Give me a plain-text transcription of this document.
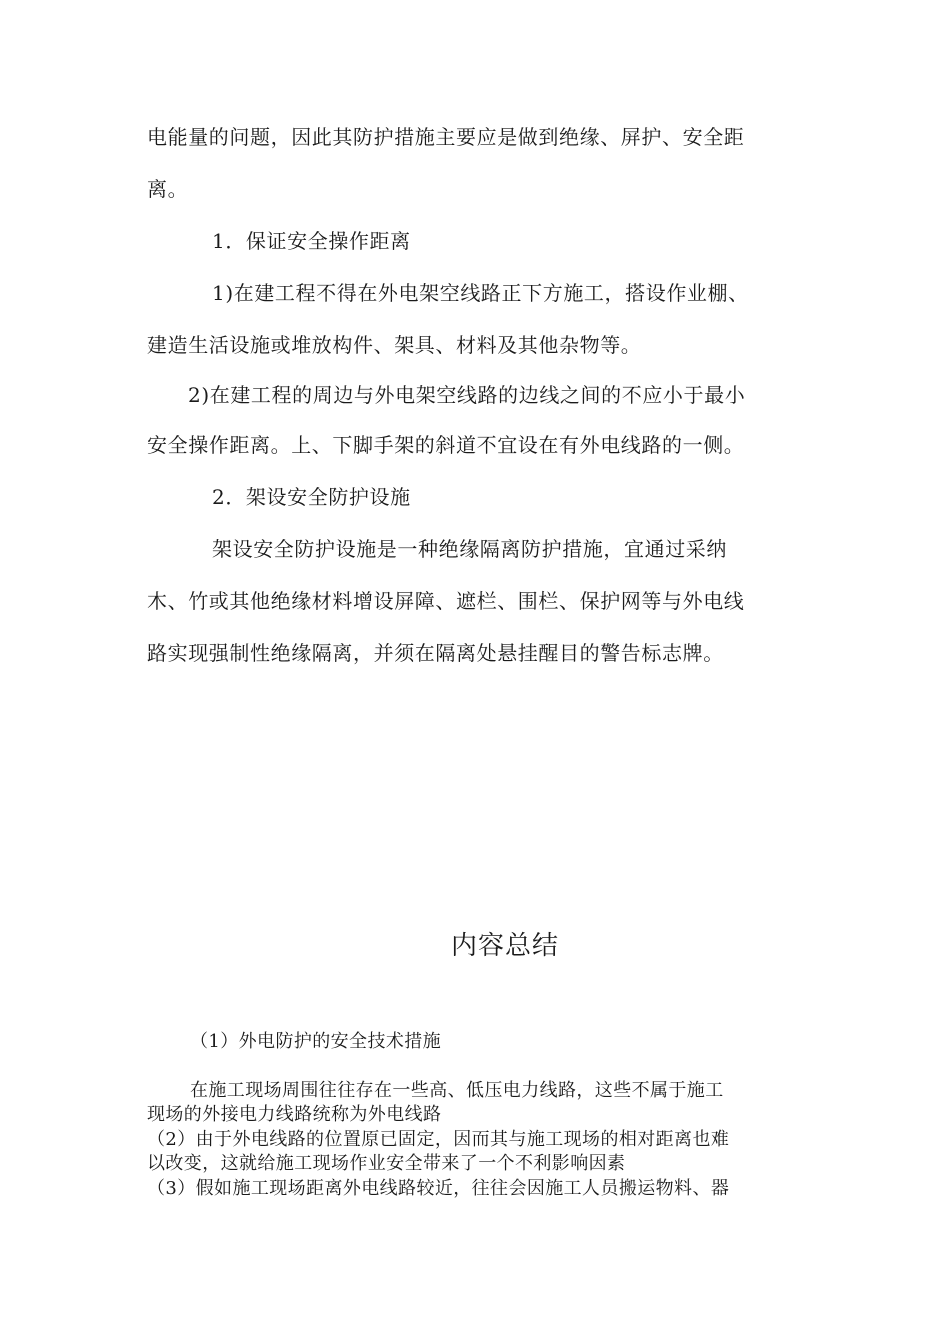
电能量的问题，因此其防护措施主要应是做到绝缘、屏护、安全距
离。
1．保证安全操作距离
1)在建工程不得在外电架空线路正下方施工，搭设作业棚、
建造生活设施或堆放构件、架具、材料及其他杂物等。
2)在建工程的周边与外电架空线路的边线之间的不应小于最小
安全操作距离。上、下脚手架的斜道不宜设在有外电线路的一侧。
2．架设安全防护设施
架设安全防护设施是一种绝缘隔离防护措施，宜通过采纳
木、竹或其他绝缘材料增设屏障、遮栏、围栏、保护网等与外电线
路实现强制性绝缘隔离，并须在隔离处悬挂醒目的警告标志牌。
内容总结
（1）外电防护的安全技术措施
在施工现场周围往往存在一些高、低压电力线路，这些不属于施工
现场的外接电力线路统称为外电线路
（2）由于外电线路的位置原已固定，因而其与施工现场的相对距离也难
以改变，这就给施工现场作业安全带来了一个不利影响因素
（3）假如施工现场距离外电线路较近，往往会因施工人员搬运物料、器
